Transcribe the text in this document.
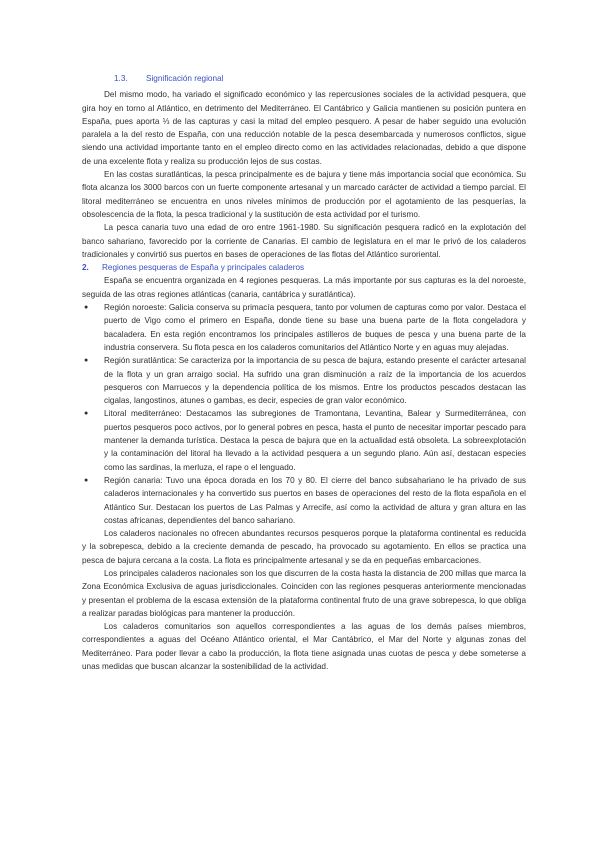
1.3. Significación regional

Del mismo modo, ha variado el significado económico y las repercusiones sociales de la actividad pesquera, que gira hoy en torno al Atlántico, en detrimento del Mediterráneo. El Cantábrico y Galicia mantienen su posición puntera en España, pues aporta ⅓ de las capturas y casi la mitad del empleo pesquero. A pesar de haber seguido una evolución paralela a la del resto de España, con una reducción notable de la pesca desembarcada y numerosos conflictos, sigue siendo una actividad importante tanto en el empleo directo como en las actividades relacionadas, debido a que dispone de una excelente flota y realiza su producción lejos de sus costas.

En las costas suratlánticas, la pesca principalmente es de bajura y tiene más importancia social que económica. Su flota alcanza los 3000 barcos con un fuerte componente artesanal y un marcado carácter de actividad a tiempo parcial. El litoral mediterráneo se encuentra en unos niveles mínimos de producción por el agotamiento de las pesquerías, la obsolescencia de la flota, la pesca tradicional y la sustitución de esta actividad por el turismo.

La pesca canaria tuvo una edad de oro entre 1961-1980. Su significación pesquera radicó en la explotación del banco sahariano, favorecido por la corriente de Canarias. El cambio de legislatura en el mar le privó de los caladeros tradicionales y convirtió sus puertos en bases de operaciones de las flotas del Atlántico suroriental.

2. Regiones pesqueras de España y principales caladeros

España se encuentra organizada en 4 regiones pesqueras. La más importante por sus capturas es la del noroeste, seguida de las otras regiones atlánticas (canaria, cantábrica y suratlántica).

● Región noroeste: Galicia conserva su primacía pesquera, tanto por volumen de capturas como por valor. Destaca el puerto de Vigo como el primero en España, donde tiene su base una buena parte de la flota congeladora y bacaladera. En esta región encontramos los principales astilleros de buques de pesca y una buena parte de la industria conservera. Su flota pesca en los caladeros comunitarios del Atlántico Norte y en aguas muy alejadas.
● Región suratlántica: Se caracteriza por la importancia de su pesca de bajura, estando presente el carácter artesanal de la flota y un gran arraigo social. Ha sufrido una gran disminución a raíz de la importancia de los acuerdos pesqueros con Marruecos y la dependencia política de los mismos. Entre los productos pescados destacan las cigalas, langostinos, atunes o gambas, es decir, especies de gran valor económico.
● Litoral mediterráneo: Destacamos las subregiones de Tramontana, Levantina, Balear y Surmediterránea, con puertos pesqueros poco activos, por lo general pobres en pesca, hasta el punto de necesitar importar pescado para mantener la demanda turística. Destaca la pesca de bajura que en la actualidad está obsoleta. La sobreexplotación y la contaminación del litoral ha llevado a la actividad pesquera a un segundo plano. Aún así, destacan especies como las sardinas, la merluza, el rape o el lenguado.
● Región canaria: Tuvo una época dorada en los 70 y 80. El cierre del banco subsahariano le ha privado de sus caladeros internacionales y ha convertido sus puertos en bases de operaciones del resto de la flota española en el Atlántico Sur. Destacan los puertos de Las Palmas y Arrecife, así como la actividad de altura y gran altura en las costas africanas, dependientes del banco sahariano.

Los caladeros nacionales no ofrecen abundantes recursos pesqueros porque la plataforma continental es reducida y la sobrepesca, debido a la creciente demanda de pescado, ha provocado su agotamiento. En ellos se practica una pesca de bajura cercana a la costa. La flota es principalmente artesanal y se da en pequeñas embarcaciones.

Los principales caladeros nacionales son los que discurren de la costa hasta la distancia de 200 millas que marca la Zona Económica Exclusiva de aguas jurisdiccionales. Coinciden con las regiones pesqueras anteriormente mencionadas y presentan el problema de la escasa extensión de la plataforma continental fruto de una grave sobrepesca, lo que obliga a realizar paradas biológicas para mantener la producción.

Los caladeros comunitarios son aquellos correspondientes a las aguas de los demás países miembros, correspondientes a aguas del Océano Atlántico oriental, el Mar Cantábrico, el Mar del Norte y algunas zonas del Mediterráneo. Para poder llevar a cabo la producción, la flota tiene asignada unas cuotas de pesca y debe someterse a unas medidas que buscan alcanzar la sostenibilidad de la actividad.
